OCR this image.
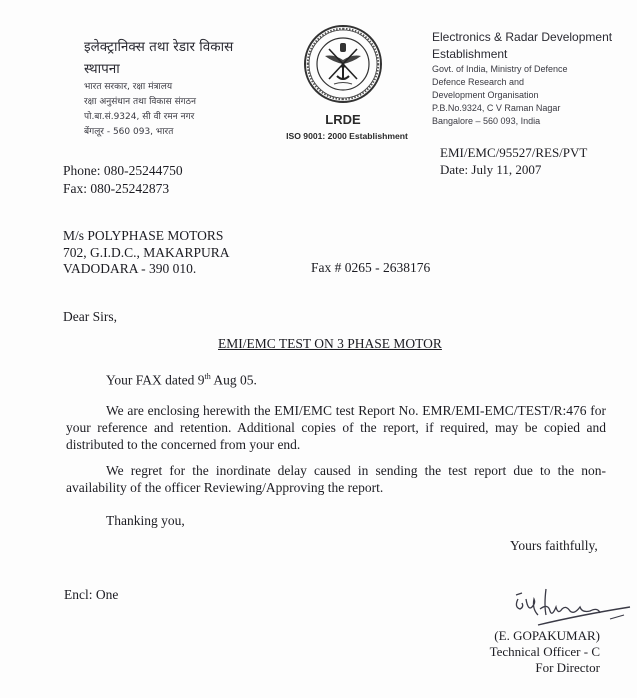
इलेक्ट्रानिक्स तथा रेडार विकास
स्थापना
भारत सरकार, रक्षा मंत्रालय
रक्षा अनुसंधान तथा विकास संगठन
पो.बा.सं.9324, सी वी रमन नगर
बेंगलूर - 560 093, भारत
LRDE
ISO 9001: 2000 Establishment
Electronics & Radar Development
Establishment
Govt. of India, Ministry of Defence
Defence Research and
Development Organisation
P.B.No.9324, C V Raman Nagar
Bangalore – 560 093, India
EMI/EMC/95527/RES/PVT
Date: July 11, 2007
Phone: 080-25244750
Fax: 080-25242873
M/s POLYPHASE MOTORS
702, G.I.D.C., MAKARPURA
VADODARA - 390 010.	Fax # 0265 - 2638176
Dear Sirs,
EMI/EMC TEST ON 3 PHASE MOTOR
Your FAX dated 9th Aug 05.
We are enclosing herewith the EMI/EMC test Report No. EMR/EMI-EMC/TEST/R:476 for your reference and retention. Additional copies of the report, if required, may be copied and distributed to the concerned from your end.
We regret for the inordinate delay caused in sending the test report due to the non-availability of the officer Reviewing/Approving the report.
Thanking you,
Yours faithfully,
Encl: One
(E. GOPAKUMAR)
Technical Officer - C
For Director
